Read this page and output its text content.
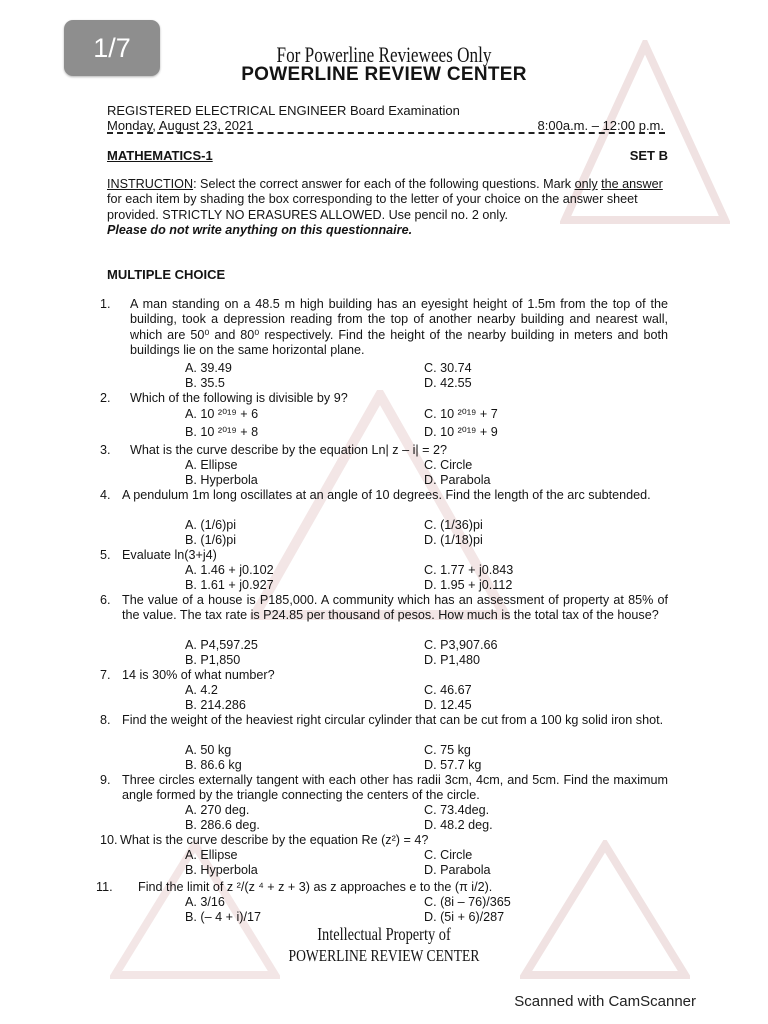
1/7	For Powerline Reviewees Only
POWERLINE REVIEW CENTER
REGISTERED ELECTRICAL ENGINEER Board Examination
Monday, August 23, 2021	8:00a.m. – 12:00 p.m.
MATHEMATICS-1	SET B
INSTRUCTION: Select the correct answer for each of the following questions. Mark only the answer for each item by shading the box corresponding to the letter of your choice on the answer sheet provided. STRICTLY NO ERASURES ALLOWED. Use pencil no. 2 only.
Please do not write anything on this questionnaire.
MULTIPLE CHOICE
1. A man standing on a 48.5 m high building has an eyesight height of 1.5m from the top of the building, took a depression reading from the top of another nearby building and nearest wall, which are 50⁰ and 80⁰ respectively. Find the height of the nearby building in meters and both buildings lie on the same horizontal plane.
A. 39.49
B. 35.5
C. 30.74
D. 42.55
2. Which of the following is divisible by 9?
A. 10 ²⁰¹⁹ + 6
B. 10 ²⁰¹⁹ + 8
C. 10 ²⁰¹⁹ + 7
D. 10 ²⁰¹⁹ + 9
3. What is the curve describe by the equation Ln| z – i| = 2?
A. Ellipse
B. Hyperbola
C. Circle
D. Parabola
4. A pendulum 1m long oscillates at an angle of 10 degrees. Find the length of the arc subtended.
A. (1/6)pi
B. (1/6)pi
C. (1/36)pi
D. (1/18)pi
5. Evaluate ln(3+j4)
A. 1.46 + j0.102
B. 1.61 + j0.927
C. 1.77 + j0.843
D. 1.95 + j0.112
6. The value of a house is P185,000. A community which has an assessment of property at 85% of the value. The tax rate is P24.85 per thousand of pesos. How much is the total tax of the house?
A. P4,597.25
B. P1,850
C. P3,907.66
D. P1,480
7. 14 is 30% of what number?
A. 4.2
B. 214.286
C. 46.67
D. 12.45
8. Find the weight of the heaviest right circular cylinder that can be cut from a 100 kg solid iron shot.
A. 50 kg
B. 86.6 kg
C. 75 kg
D. 57.7 kg
9. Three circles externally tangent with each other has radii 3cm, 4cm, and 5cm. Find the maximum angle formed by the triangle connecting the centers of the circle.
A. 270 deg.
B. 286.6 deg.
C. 73.4deg.
D. 48.2 deg.
10. What is the curve describe by the equation Re (z²) = 4?
A. Ellipse
B. Hyperbola
C. Circle
D. Parabola
11. Find the limit of z ²/(z ⁴ + z + 3) as z approaches e to the (π i/2).
A. 3/16
B. (– 4 + i)/17
C. (8i – 76)/365
D. (5i + 6)/287
Intellectual Property of
POWERLINE REVIEW CENTER
Scanned with CamScanner
